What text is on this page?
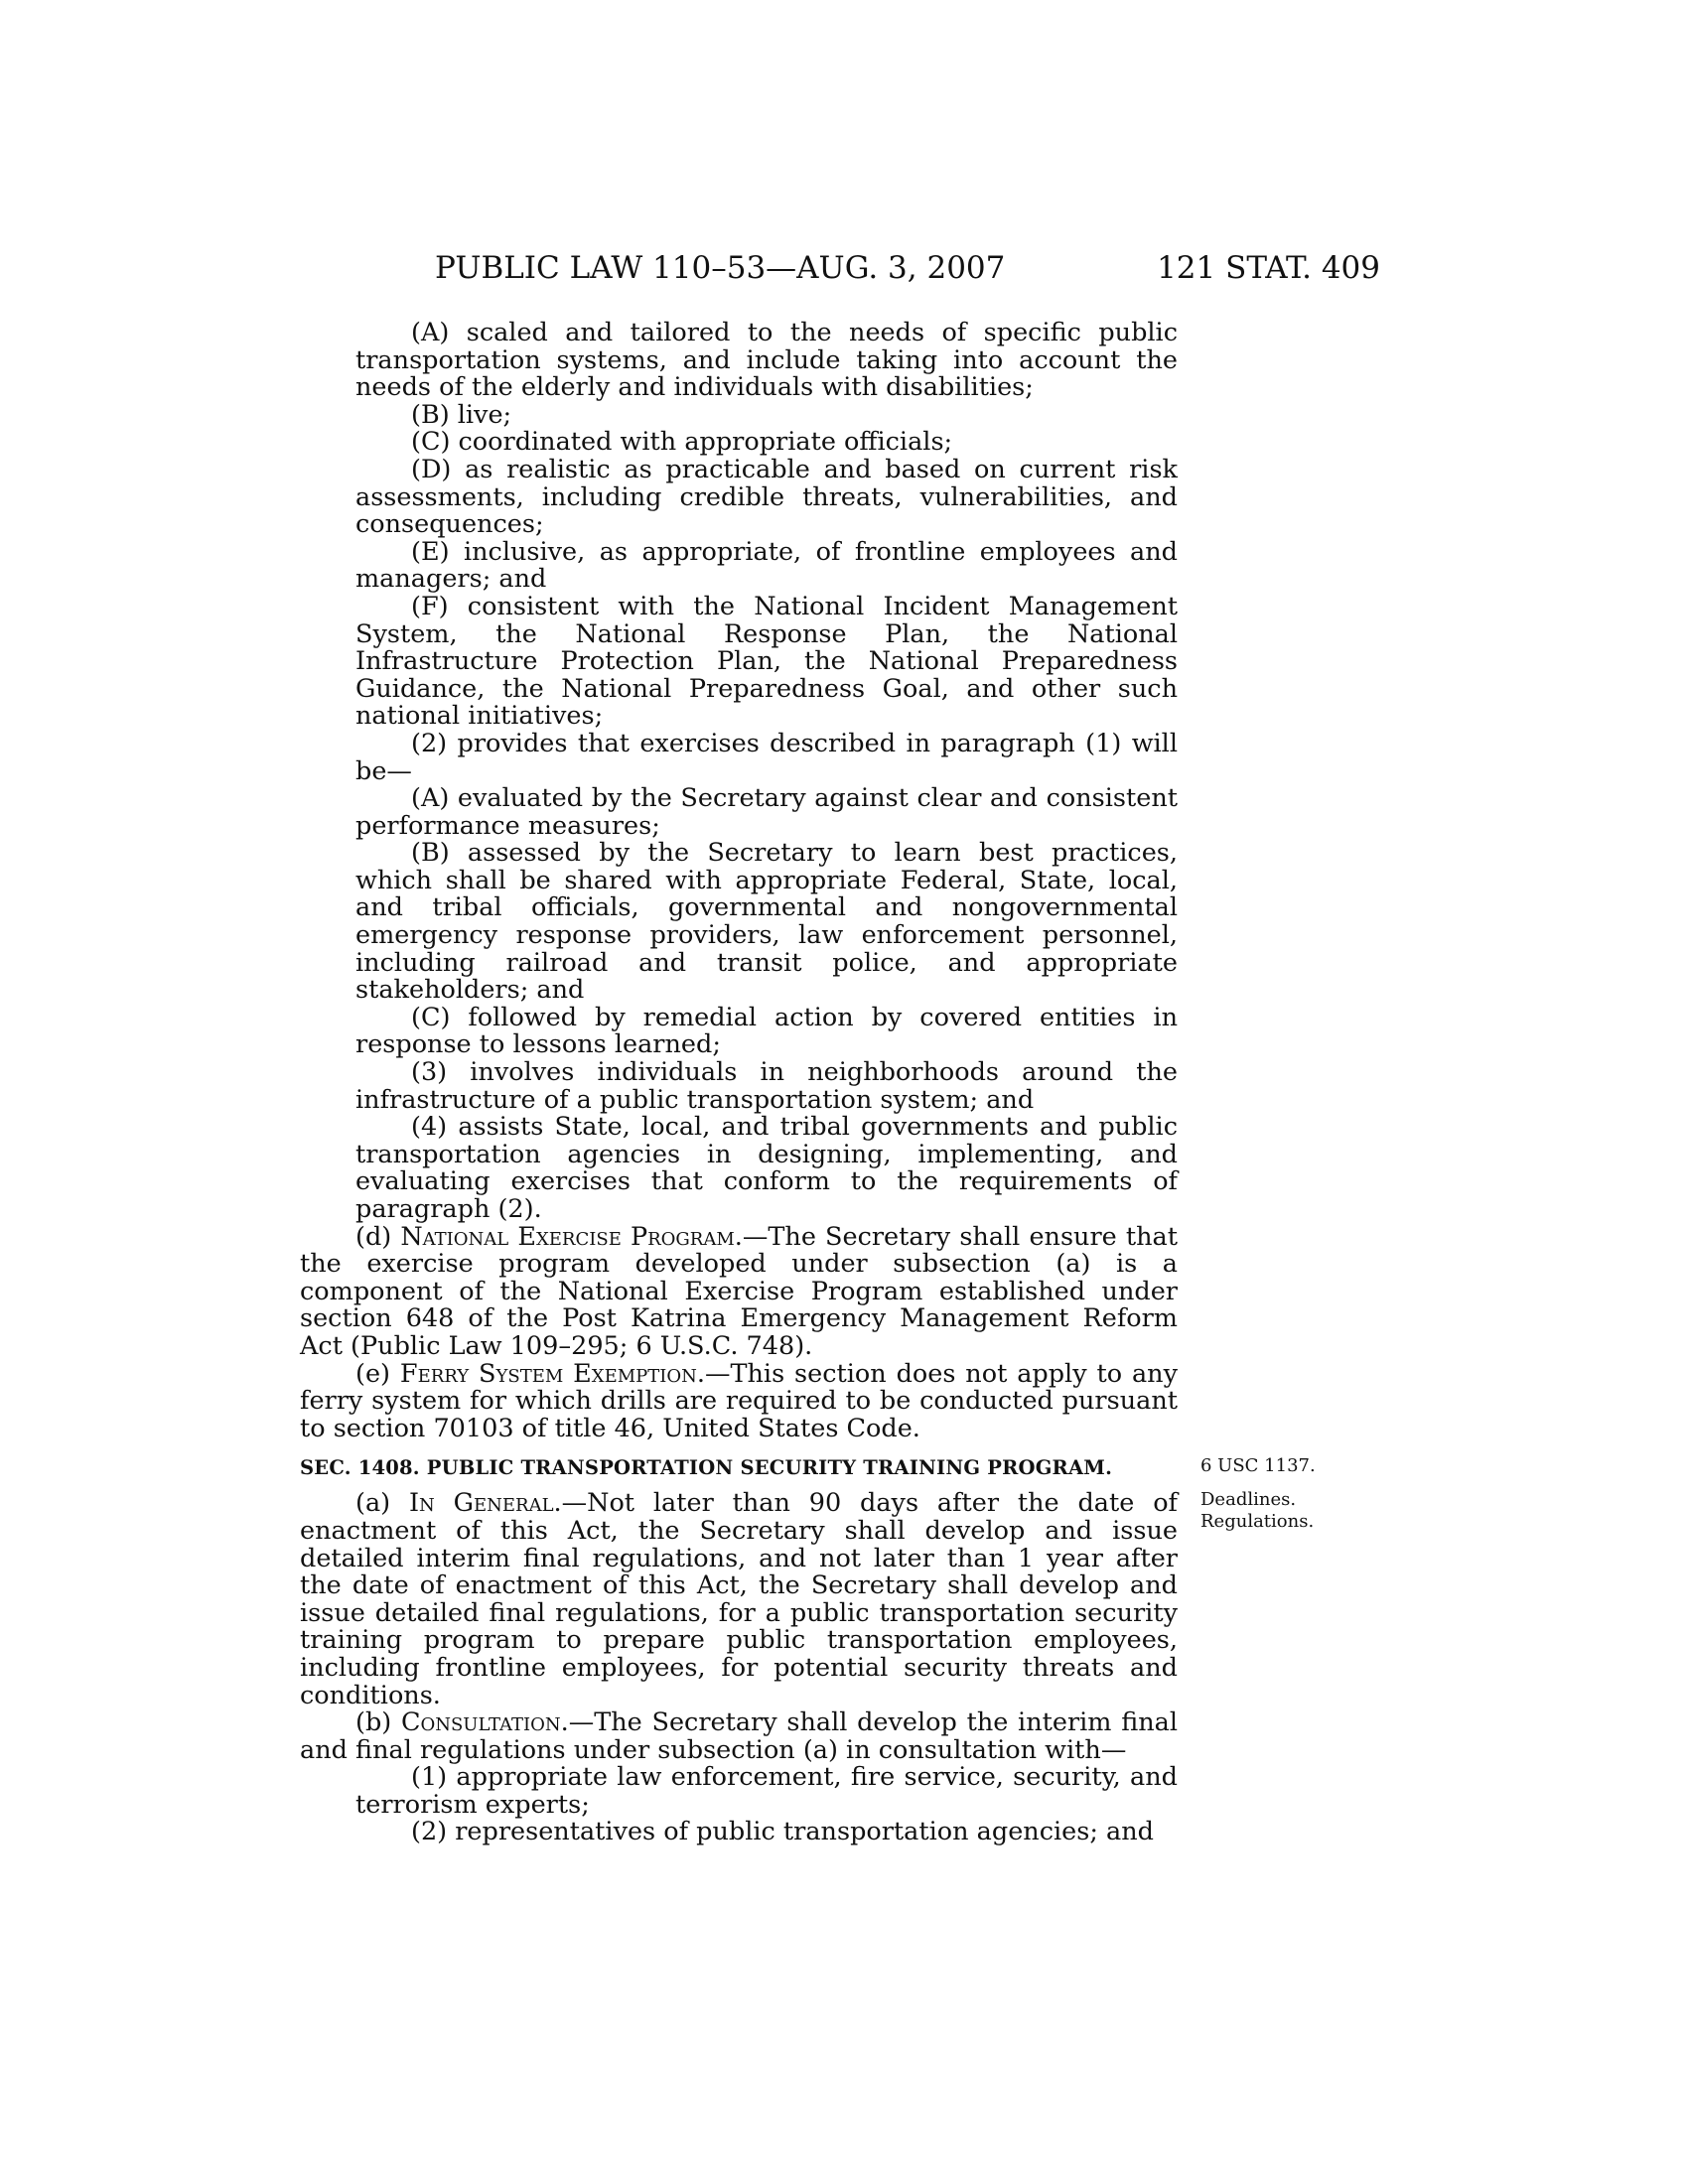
PUBLIC LAW 110–53—AUG. 3, 2007	121 STAT. 409

(A) scaled and tailored to the needs of specific public transportation systems, and include taking into account the needs of the elderly and individuals with disabilities;

(B) live;

(C) coordinated with appropriate officials;

(D) as realistic as practicable and based on current risk assessments, including credible threats, vulnerabilities, and consequences;

(E) inclusive, as appropriate, of frontline employees and managers; and

(F) consistent with the National Incident Management System, the National Response Plan, the National Infrastructure Protection Plan, the National Preparedness Guidance, the National Preparedness Goal, and other such national initiatives;

(2) provides that exercises described in paragraph (1) will be—

(A) evaluated by the Secretary against clear and consistent performance measures;

(B) assessed by the Secretary to learn best practices, which shall be shared with appropriate Federal, State, local, and tribal officials, governmental and nongovernmental emergency response providers, law enforcement personnel, including railroad and transit police, and appropriate stakeholders; and

(C) followed by remedial action by covered entities in response to lessons learned;

(3) involves individuals in neighborhoods around the infrastructure of a public transportation system; and

(4) assists State, local, and tribal governments and public transportation agencies in designing, implementing, and evaluating exercises that conform to the requirements of paragraph (2).

(d) National Exercise Program.—The Secretary shall ensure that the exercise program developed under subsection (a) is a component of the National Exercise Program established under section 648 of the Post Katrina Emergency Management Reform Act (Public Law 109–295; 6 U.S.C. 748).

(e) Ferry System Exemption.—This section does not apply to any ferry system for which drills are required to be conducted pursuant to section 70103 of title 46, United States Code.

SEC. 1408. PUBLIC TRANSPORTATION SECURITY TRAINING PROGRAM.

(a) In General.—Not later than 90 days after the date of enactment of this Act, the Secretary shall develop and issue detailed interim final regulations, and not later than 1 year after the date of enactment of this Act, the Secretary shall develop and issue detailed final regulations, for a public transportation security training program to prepare public transportation employees, including frontline employees, for potential security threats and conditions.

(b) Consultation.—The Secretary shall develop the interim final and final regulations under subsection (a) in consultation with—

(1) appropriate law enforcement, fire service, security, and terrorism experts;

(2) representatives of public transportation agencies; and

6 USC 1137.
Deadlines.
Regulations.
